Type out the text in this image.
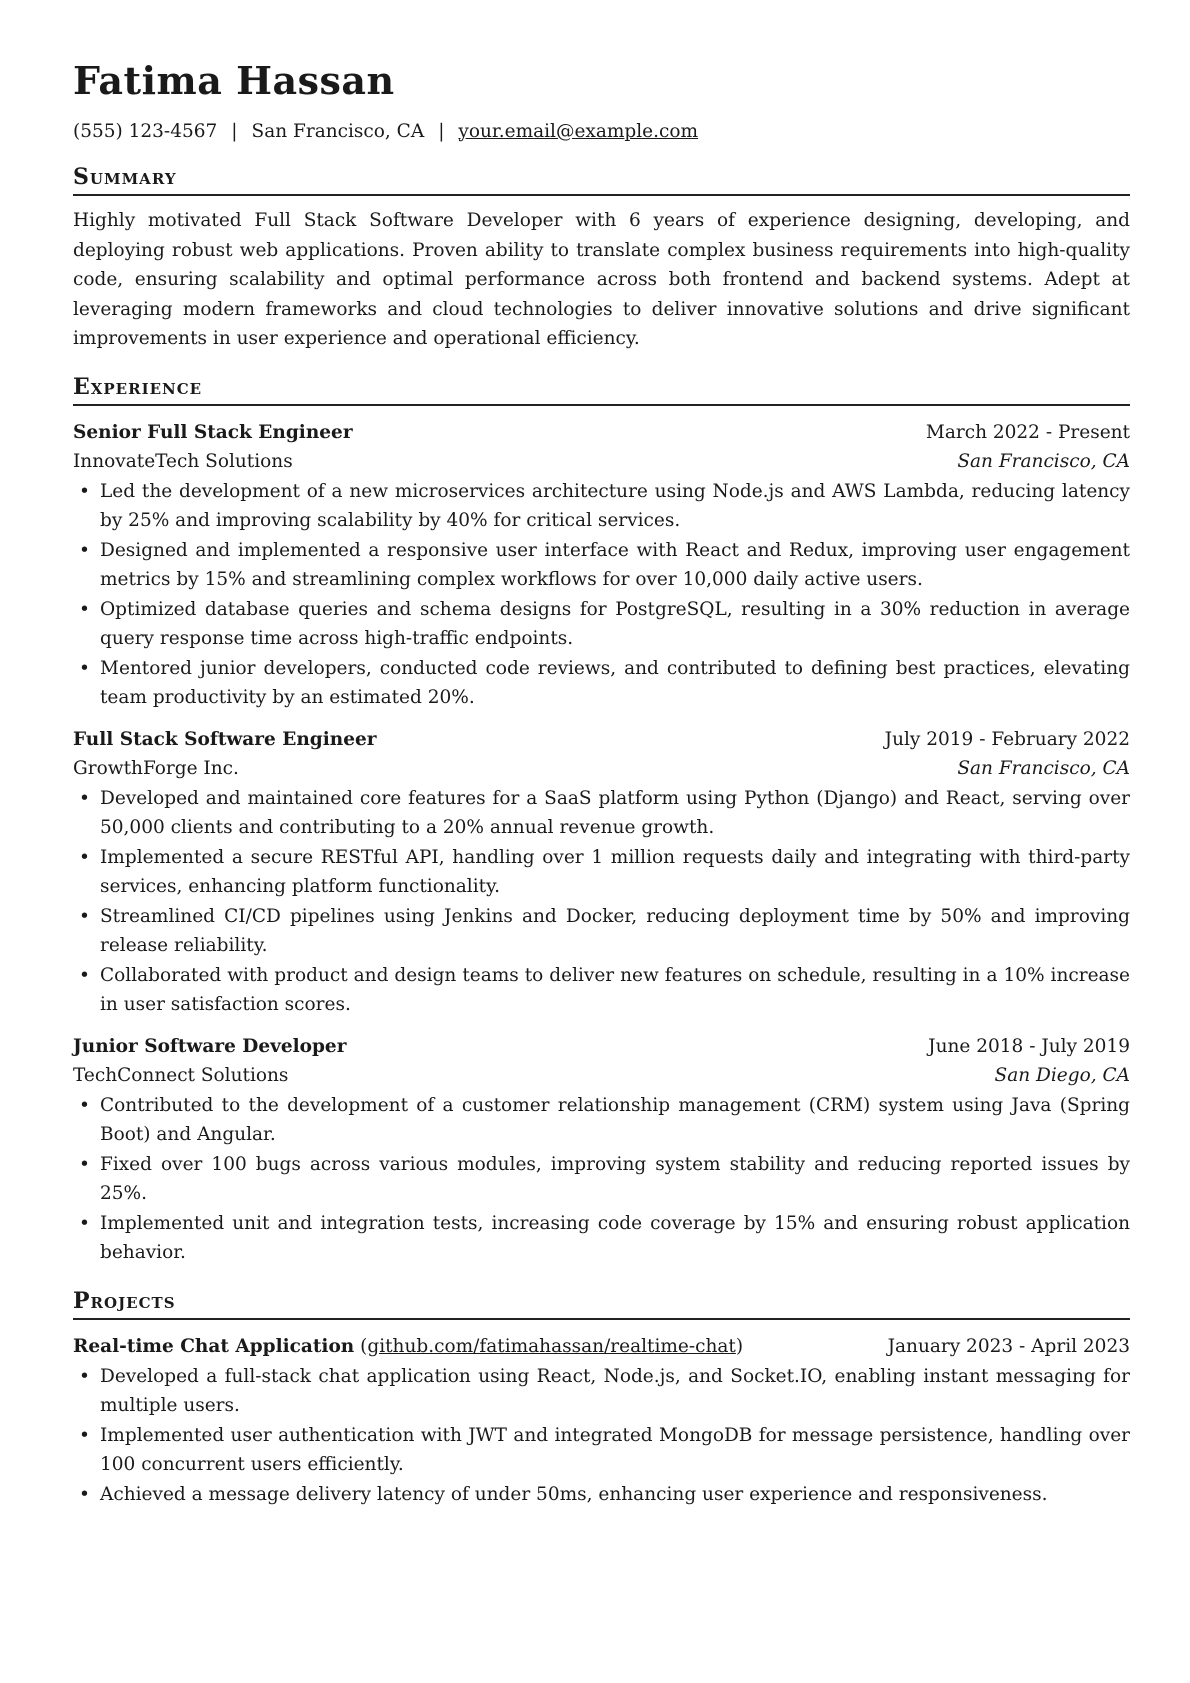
Fatima Hassan
(555) 123-4567 | San Francisco, CA | your.email@example.com
Summary
Highly motivated Full Stack Software Developer with 6 years of experience designing, developing, and deploying robust web applications. Proven ability to translate complex business requirements into high-quality code, ensuring scalability and optimal performance across both frontend and backend systems. Adept at leveraging modern frameworks and cloud technologies to deliver innovative solutions and drive significant improvements in user experience and operational efficiency.
Experience
Senior Full Stack Engineer	March 2022 - Present
InnovateTech Solutions	San Francisco, CA
• Led the development of a new microservices architecture using Node.js and AWS Lambda, reducing latency by 25% and improving scalability by 40% for critical services.
• Designed and implemented a responsive user interface with React and Redux, improving user engagement metrics by 15% and streamlining complex workflows for over 10,000 daily active users.
• Optimized database queries and schema designs for PostgreSQL, resulting in a 30% reduction in average query response time across high-traffic endpoints.
• Mentored junior developers, conducted code reviews, and contributed to defining best practices, elevating team productivity by an estimated 20%.
Full Stack Software Engineer	July 2019 - February 2022
GrowthForge Inc.	San Francisco, CA
• Developed and maintained core features for a SaaS platform using Python (Django) and React, serving over 50,000 clients and contributing to a 20% annual revenue growth.
• Implemented a secure RESTful API, handling over 1 million requests daily and integrating with third-party services, enhancing platform functionality.
• Streamlined CI/CD pipelines using Jenkins and Docker, reducing deployment time by 50% and improving release reliability.
• Collaborated with product and design teams to deliver new features on schedule, resulting in a 10% increase in user satisfaction scores.
Junior Software Developer	June 2018 - July 2019
TechConnect Solutions	San Diego, CA
• Contributed to the development of a customer relationship management (CRM) system using Java (Spring Boot) and Angular.
• Fixed over 100 bugs across various modules, improving system stability and reducing reported issues by 25%.
• Implemented unit and integration tests, increasing code coverage by 15% and ensuring robust application behavior.
Projects
Real-time Chat Application (github.com/fatimahassan/realtime-chat)	January 2023 - April 2023
• Developed a full-stack chat application using React, Node.js, and Socket.IO, enabling instant messaging for multiple users.
• Implemented user authentication with JWT and integrated MongoDB for message persistence, handling over 100 concurrent users efficiently.
• Achieved a message delivery latency of under 50ms, enhancing user experience and responsiveness.
